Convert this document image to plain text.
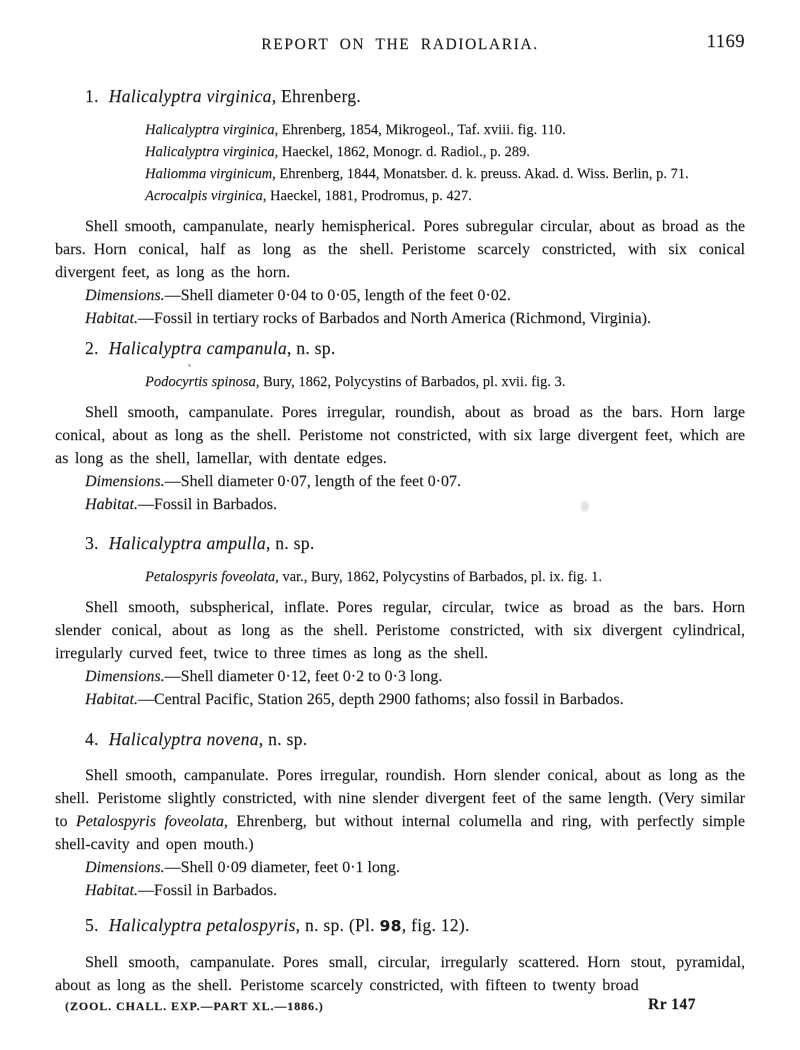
REPORT ON THE RADIOLARIA.	1169
1. Halicalyptra virginica, Ehrenberg.
Halicalyptra virginica, Ehrenberg, 1854, Mikrogeol., Taf. xviii. fig. 110.
Halicalyptra virginica, Haeckel, 1862, Monogr. d. Radiol., p. 289.
Haliomma virginicum, Ehrenberg, 1844, Monatsber. d. k. preuss. Akad. d. Wiss. Berlin, p. 71.
Acrocalpis virginica, Haeckel, 1881, Prodromus, p. 427.

Shell smooth, campanulate, nearly hemispherical. Pores subregular circular, about as broad as the bars. Horn conical, half as long as the shell. Peristome scarcely constricted, with six conical divergent feet, as long as the horn.

Dimensions.—Shell diameter 0·04 to 0·05, length of the feet 0·02.

Habitat.—Fossil in tertiary rocks of Barbados and North America (Richmond, Virginia).

2. Halicalyptra campanula, n. sp.
Podocyrtis spinosa, Bury, 1862, Polycystins of Barbados, pl. xvii. fig. 3.

Shell smooth, campanulate. Pores irregular, roundish, about as broad as the bars. Horn large conical, about as long as the shell. Peristome not constricted, with six large divergent feet, which are as long as the shell, lamellar, with dentate edges.

Dimensions.—Shell diameter 0·07, length of the feet 0·07.

Habitat.—Fossil in Barbados.

3. Halicalyptra ampulla, n. sp.
Petalospyris foveolata, var., Bury, 1862, Polycystins of Barbados, pl. ix. fig. 1.

Shell smooth, subspherical, inflate. Pores regular, circular, twice as broad as the bars. Horn slender conical, about as long as the shell. Peristome constricted, with six divergent cylindrical, irregularly curved feet, twice to three times as long as the shell.

Dimensions.—Shell diameter 0·12, feet 0·2 to 0·3 long.

Habitat.—Central Pacific, Station 265, depth 2900 fathoms; also fossil in Barbados.

4. Halicalyptra novena, n. sp.

Shell smooth, campanulate. Pores irregular, roundish. Horn slender conical, about as long as the shell. Peristome slightly constricted, with nine slender divergent feet of the same length. (Very similar to Petalospyris foveolata, Ehrenberg, but without internal columella and ring, with perfectly simple shell-cavity and open mouth.)

Dimensions.—Shell 0·09 diameter, feet 0·1 long.

Habitat.—Fossil in Barbados.

5. Halicalyptra petalospyris, n. sp. (Pl. 98, fig. 12).

Shell smooth, campanulate. Pores small, circular, irregularly scattered. Horn stout, pyramidal, about as long as the shell. Peristome scarcely constricted, with fifteen to twenty broad

(ZOOL. CHALL. EXP.—PART XL.—1886.)	Rr 147
